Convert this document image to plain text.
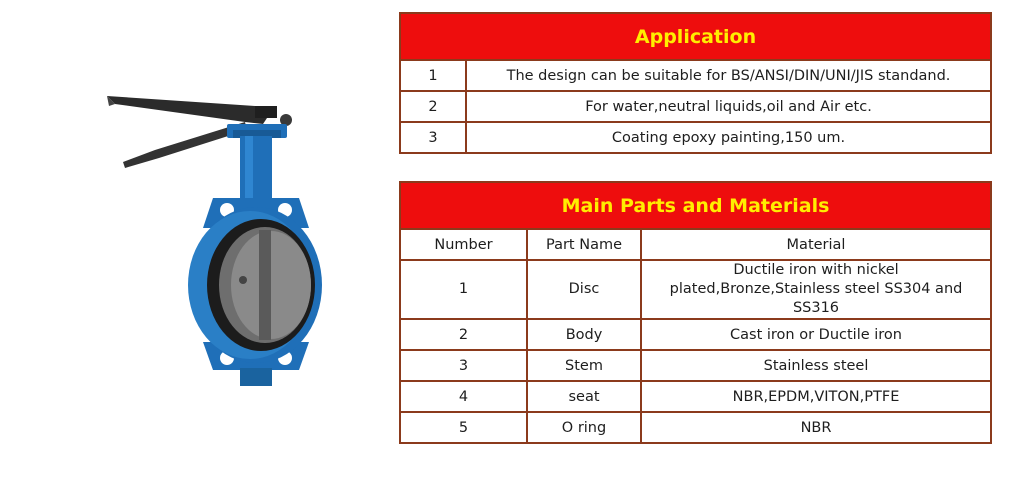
Application	
1	The design can be suitable for BS/ANSI/DIN/UNI/JIS standand.
2	For water,neutral liquids,oil and Air etc.
3	Coating epoxy painting,150 um.
Main Parts and Materials		
Number	Part Name	Material
1	Disc	Ductile iron with nickel plated,Bronze,Stainless steel SS304 and SS316
2	Body	Cast iron or Ductile iron
3	Stem	Stainless steel
4	seat	NBR,EPDM,VITON,PTFE
5	O ring	NBR
